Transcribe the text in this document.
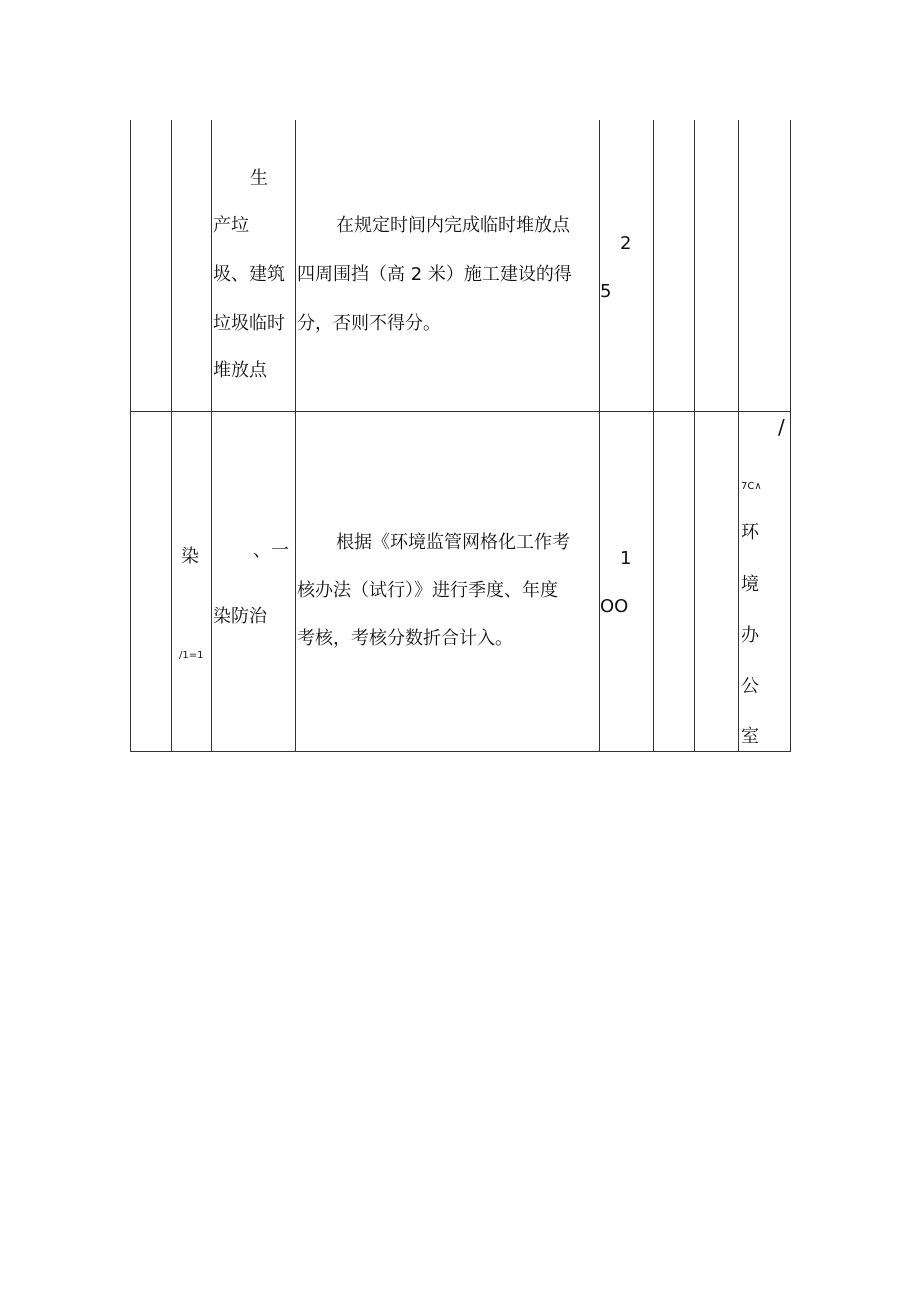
生
产垃
圾、建筑
垃圾临时
堆放点
在规定时间内完成临时堆放点
四周围挡（高 2 米）施工建设的得
分，否则不得分。
2
5
染
/1=1
、一
染防治
根据《环境监管网格化工作考
核办法（试行）》进行季度、年度
考核，考核分数折合计入。
1
OO
/
7C∧
环
境
办
公
室
